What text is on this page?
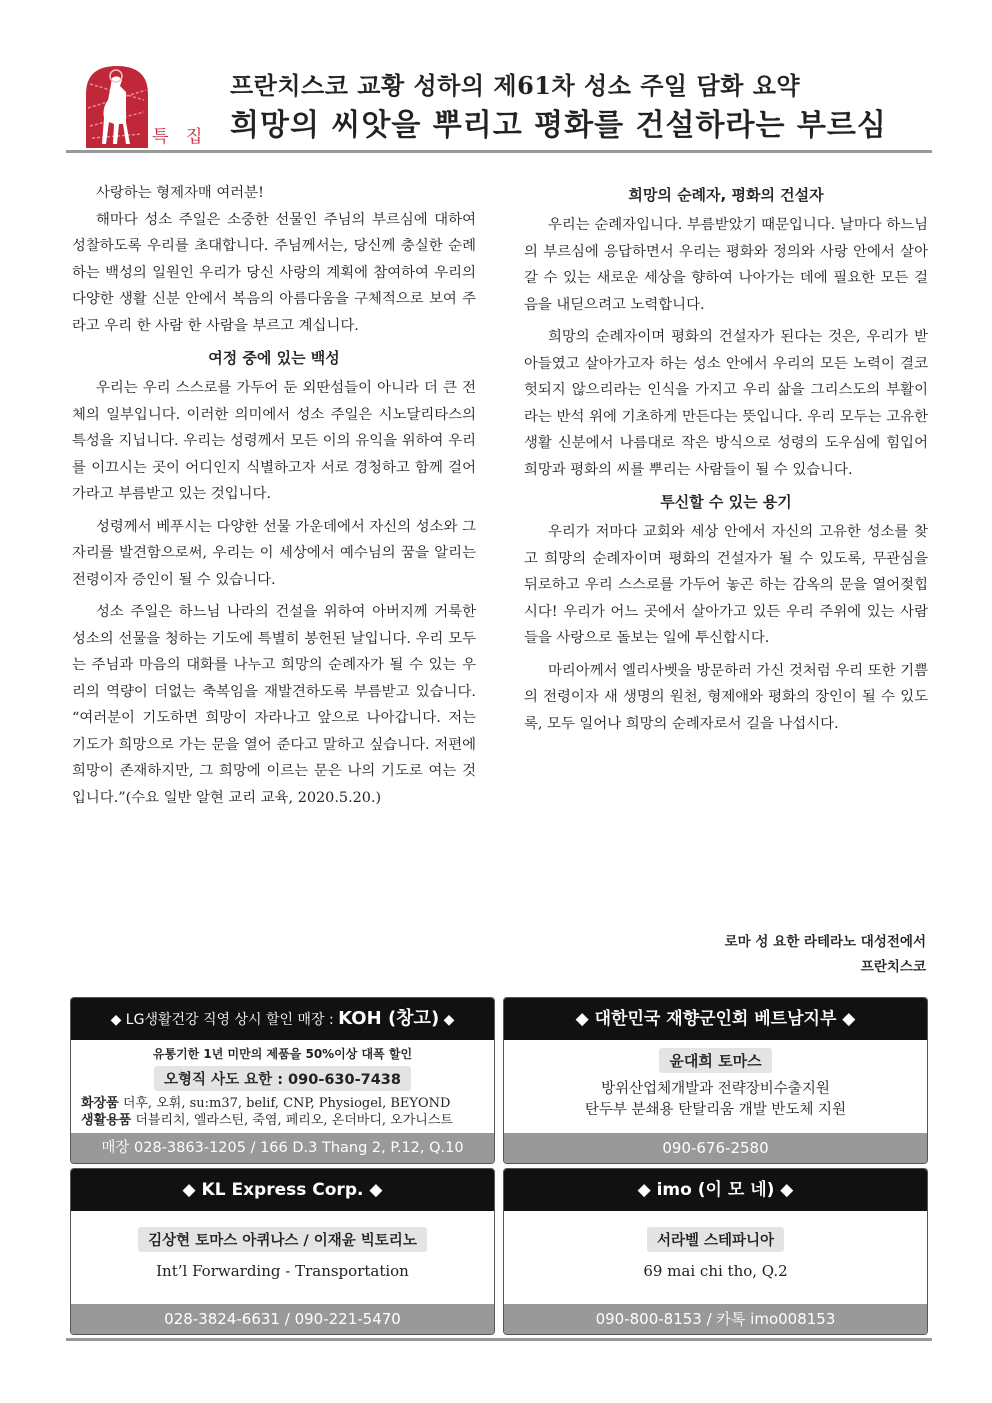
특 집
프란치스코 교황 성하의 제61차 성소 주일 담화 요약
희망의 씨앗을 뿌리고 평화를 건설하라는 부르심

사랑하는 형제자매 여러분!

해마다 성소 주일은 소중한 선물인 주님의 부르심에 대하여 성찰하도록 우리를 초대합니다. 주님께서는, 당신께 충실한 순례하는 백성의 일원인 우리가 당신 사랑의 계획에 참여하여 우리의 다양한 생활 신분 안에서 복음의 아름다움을 구체적으로 보여 주라고 우리 한 사람 한 사람을 부르고 계십니다.

여정 중에 있는 백성

우리는 우리 스스로를 가두어 둔 외딴섬들이 아니라 더 큰 전체의 일부입니다. 이러한 의미에서 성소 주일은 시노달리타스의 특성을 지닙니다. 우리는 성령께서 모든 이의 유익을 위하여 우리를 이끄시는 곳이 어디인지 식별하고자 서로 경청하고 함께 걸어가라고 부름받고 있는 것입니다.

성령께서 베푸시는 다양한 선물 가운데에서 자신의 성소와 그 자리를 발견함으로써, 우리는 이 세상에서 예수님의 꿈을 알리는 전령이자 증인이 될 수 있습니다.

성소 주일은 하느님 나라의 건설을 위하여 아버지께 거룩한 성소의 선물을 청하는 기도에 특별히 봉헌된 날입니다. 우리 모두는 주님과 마음의 대화를 나누고 희망의 순례자가 될 수 있는 우리의 역량이 더없는 축복임을 재발견하도록 부름받고 있습니다. “여러분이 기도하면 희망이 자라나고 앞으로 나아갑니다. 저는 기도가 희망으로 가는 문을 열어 준다고 말하고 싶습니다. 저편에 희망이 존재하지만, 그 희망에 이르는 문은 나의 기도로 여는 것입니다.”(수요 일반 알현 교리 교육, 2020.5.20.)

희망의 순례자, 평화의 건설자

우리는 순례자입니다. 부름받았기 때문입니다. 날마다 하느님의 부르심에 응답하면서 우리는 평화와 정의와 사랑 안에서 살아갈 수 있는 새로운 세상을 향하여 나아가는 데에 필요한 모든 걸음을 내딛으려고 노력합니다.

희망의 순례자이며 평화의 건설자가 된다는 것은, 우리가 받아들였고 살아가고자 하는 성소 안에서 우리의 모든 노력이 결코 헛되지 않으리라는 인식을 가지고 우리 삶을 그리스도의 부활이라는 반석 위에 기초하게 만든다는 뜻입니다. 우리 모두는 고유한 생활 신분에서 나름대로 작은 방식으로 성령의 도우심에 힘입어 희망과 평화의 씨를 뿌리는 사람들이 될 수 있습니다.

투신할 수 있는 용기

우리가 저마다 교회와 세상 안에서 자신의 고유한 성소를 찾고 희망의 순례자이며 평화의 건설자가 될 수 있도록, 무관심을 뒤로하고 우리 스스로를 가두어 놓곤 하는 감옥의 문을 열어젖힙시다! 우리가 어느 곳에서 살아가고 있든 우리 주위에 있는 사람들을 사랑으로 돌보는 일에 투신합시다.

마리아께서 엘리사벳을 방문하러 가신 것처럼 우리 또한 기쁨의 전령이자 새 생명의 원천, 형제애와 평화의 장인이 될 수 있도록, 모두 일어나 희망의 순례자로서 길을 나섭시다.

로마 성 요한 라테라노 대성전에서
프란치스코
◆ LG생활건강 직영 상시 할인 매장 : KOH (창고) ◆
유통기한 1년 미만의 제품을 50%이상 대폭 할인
오형직 사도 요한 : 090-630-7438
화장품 더후, 오휘, su:m37, belif, CNP, Physiogel, BEYOND
생활용품 더블리치, 엘라스틴, 죽염, 페리오, 온더바디, 오가니스트
매장 028-3863-1205 / 166 D.3 Thang 2, P.12, Q.10
◆ 대한민국 재향군인회 베트남지부 ◆
윤대희 토마스
방위산업체개발과 전략장비수출지원
탄두부 분쇄용 탄탈리움 개발 반도체 지원
090-676-2580
◆ KL Express Corp. ◆
김상현 토마스 아퀴나스 / 이재윤 빅토리노
Int’l Forwarding - Transportation
028-3824-6631 / 090-221-5470
◆ imo (이 모 네) ◆
서라벨 스테파니아
69 mai chi tho, Q.2
090-800-8153 / 카톡 imo008153
